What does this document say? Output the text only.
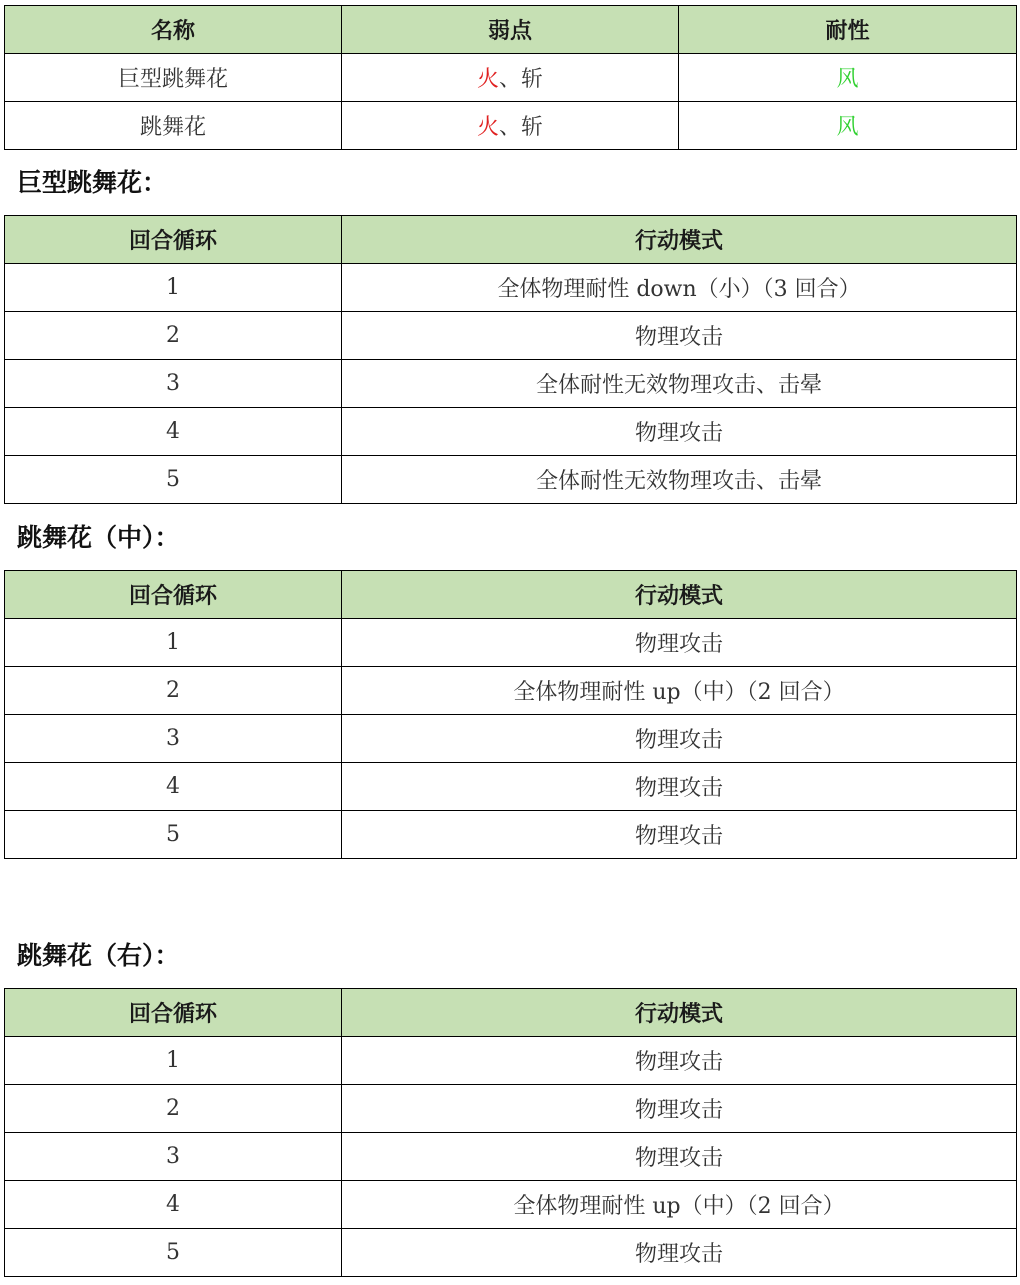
名称	弱点	耐性
巨型跳舞花	火、斩	风
跳舞花	火、斩	风
巨型跳舞花：
回合循环	行动模式
1	全体物理耐性 down（小）（3 回合）
2	物理攻击
3	全体耐性无效物理攻击、击晕
4	物理攻击
5	全体耐性无效物理攻击、击晕
跳舞花（中）：
回合循环	行动模式
1	物理攻击
2	全体物理耐性 up（中）（2 回合）
3	物理攻击
4	物理攻击
5	物理攻击
跳舞花（右）：
回合循环	行动模式
1	物理攻击
2	物理攻击
3	物理攻击
4	全体物理耐性 up（中）（2 回合）
5	物理攻击
